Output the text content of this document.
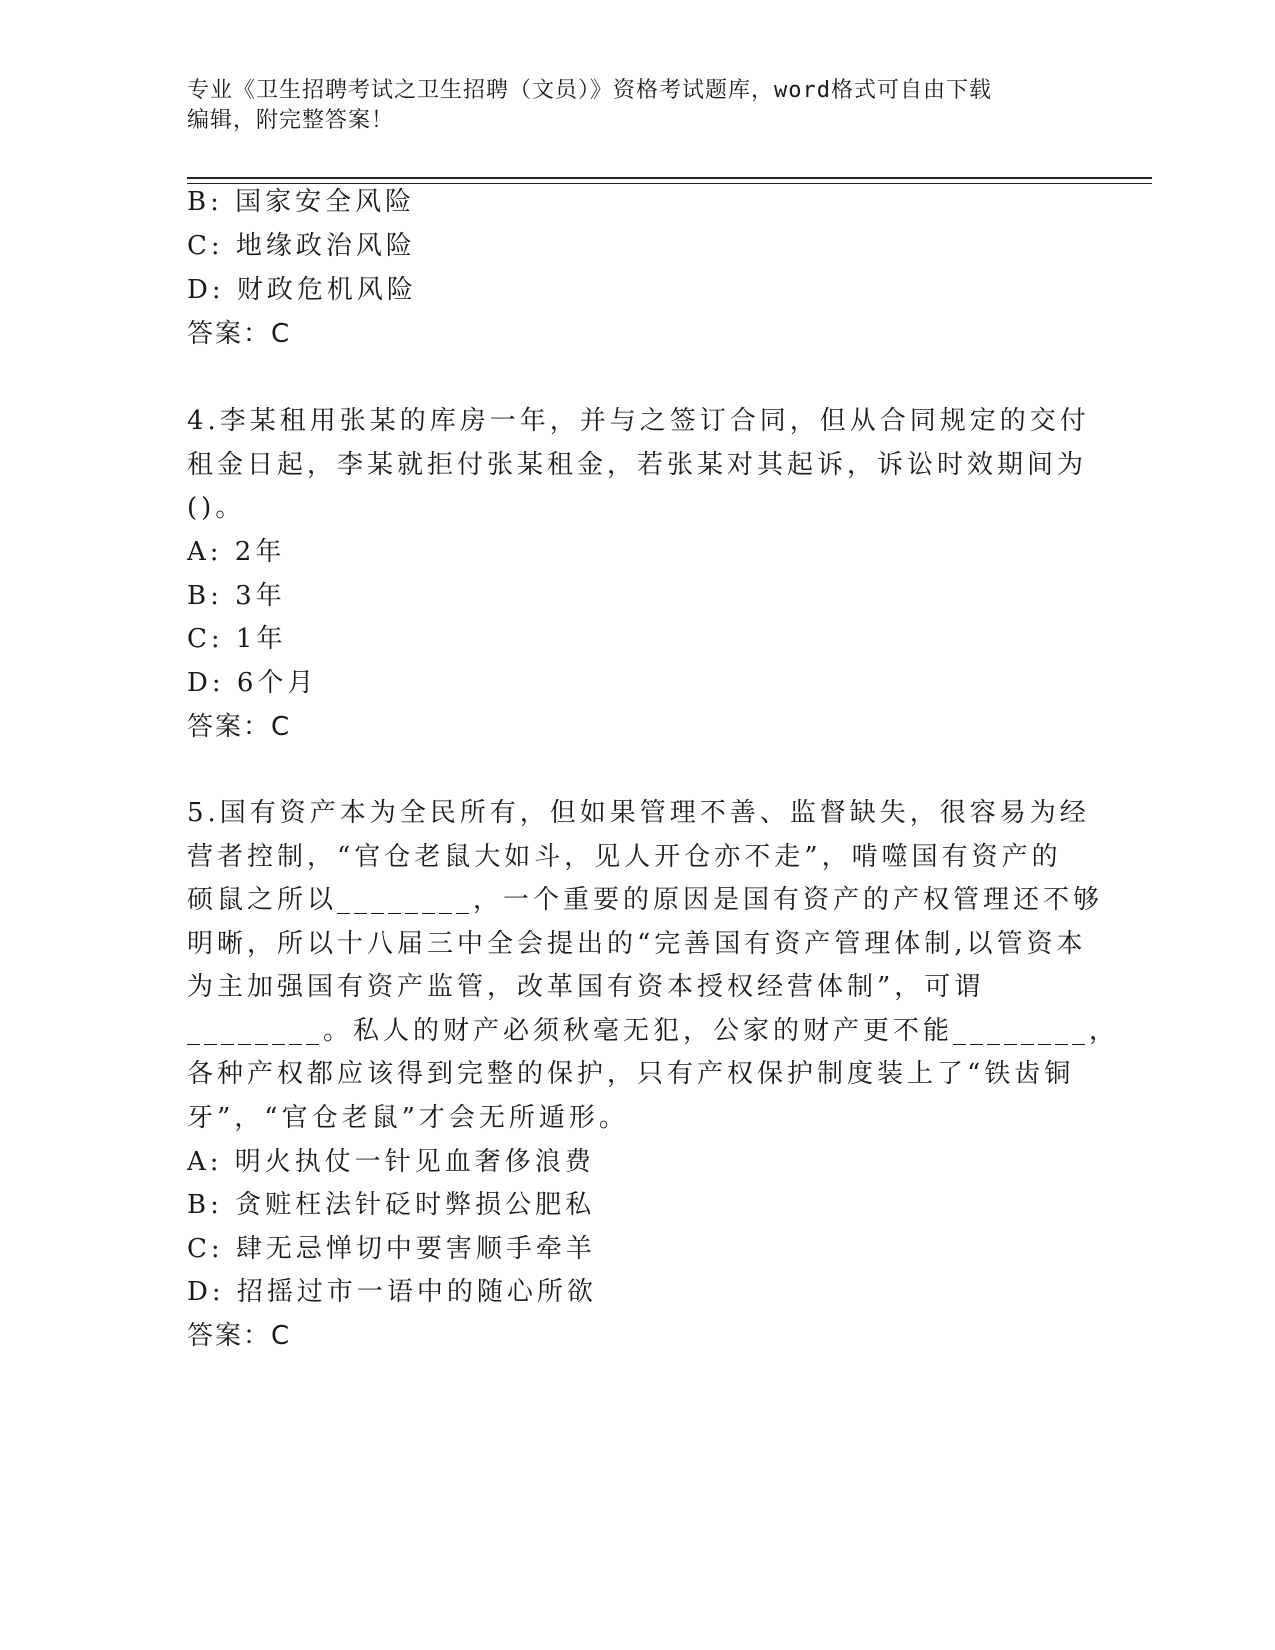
专业《卫生招聘考试之卫生招聘（文员）》资格考试题库，word格式可自由下载
编辑，附完整答案！
B: 国家安全风险
C: 地缘政治风险
D: 财政危机风险
答案：C
4.李某租用张某的库房一年，并与之签订合同，但从合同规定的交付
租金日起，李某就拒付张某租金，若张某对其起诉，诉讼时效期间为
()。
A: 2年
B: 3年
C: 1年
D: 6个月
答案：C
5.国有资产本为全民所有，但如果管理不善、监督缺失，很容易为经
营者控制，“官仓老鼠大如斗，见人开仓亦不走”，啃噬国有资产的
硕鼠之所以________，一个重要的原因是国有资产的产权管理还不够
明晰，所以十八届三中全会提出的“完善国有资产管理体制,以管资本
为主加强国有资产监管，改革国有资本授权经营体制”，可谓
________。私人的财产必须秋毫无犯，公家的财产更不能________，
各种产权都应该得到完整的保护，只有产权保护制度装上了“铁齿铜
牙”，“官仓老鼠”才会无所遁形。
A: 明火执仗一针见血奢侈浪费
B: 贪赃枉法针砭时弊损公肥私
C: 肆无忌惮切中要害顺手牵羊
D: 招摇过市一语中的随心所欲
答案：C
